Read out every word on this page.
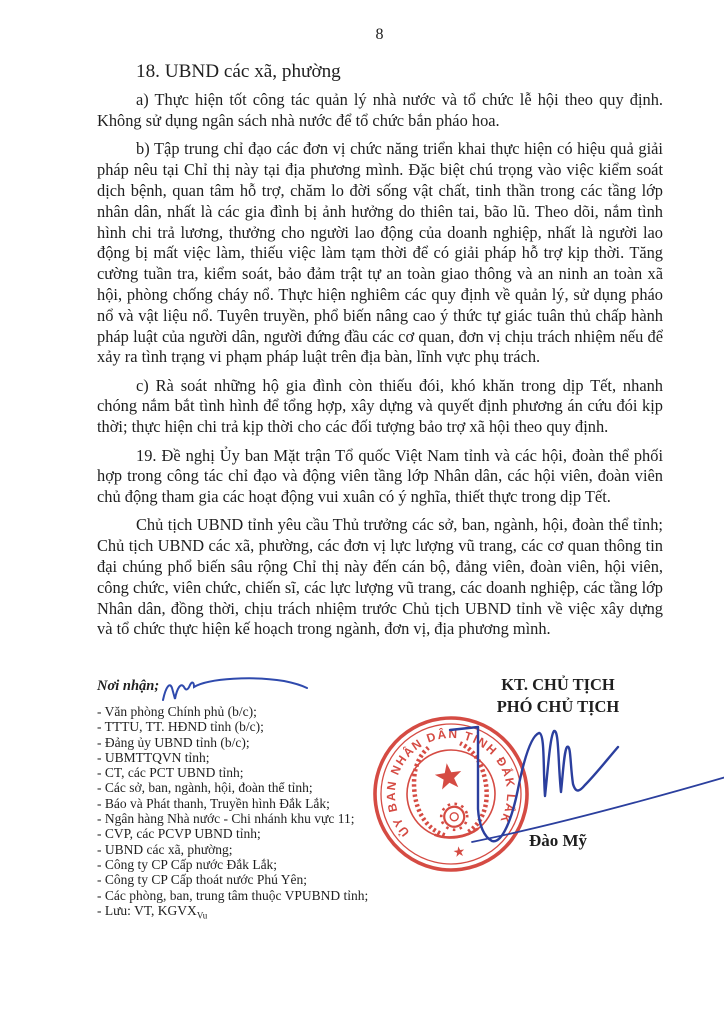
8
18. UBND các xã, phường

a) Thực hiện tốt công tác quản lý nhà nước và tổ chức lễ hội theo quy định. Không sử dụng ngân sách nhà nước để tổ chức bắn pháo hoa.

b) Tập trung chỉ đạo các đơn vị chức năng triển khai thực hiện có hiệu quả giải pháp nêu tại Chỉ thị này tại địa phương mình. Đặc biệt chú trọng vào việc kiểm soát dịch bệnh, quan tâm hỗ trợ, chăm lo đời sống vật chất, tinh thần trong các tầng lớp nhân dân, nhất là các gia đình bị ảnh hưởng do thiên tai, bão lũ. Theo dõi, nắm tình hình chi trả lương, thưởng cho người lao động của doanh nghiệp, nhất là người lao động bị mất việc làm, thiếu việc làm tạm thời để có giải pháp hỗ trợ kịp thời. Tăng cường tuần tra, kiểm soát, bảo đảm trật tự an toàn giao thông và an ninh an toàn xã hội, phòng chống cháy nổ. Thực hiện nghiêm các quy định về quản lý, sử dụng pháo nổ và vật liệu nổ. Tuyên truyền, phổ biến nâng cao ý thức tự giác tuân thủ chấp hành pháp luật của người dân, người đứng đầu các cơ quan, đơn vị chịu trách nhiệm nếu để xảy ra tình trạng vi phạm pháp luật trên địa bàn, lĩnh vực phụ trách.

c) Rà soát những hộ gia đình còn thiếu đói, khó khăn trong dịp Tết, nhanh chóng nắm bắt tình hình để tổng hợp, xây dựng và quyết định phương án cứu đói kịp thời; thực hiện chi trả kịp thời cho các đối tượng bảo trợ xã hội theo quy định.

19. Đề nghị Ủy ban Mặt trận Tổ quốc Việt Nam tỉnh và các hội, đoàn thể phối hợp trong công tác chỉ đạo và động viên tầng lớp Nhân dân, các hội viên, đoàn viên chủ động tham gia các hoạt động vui xuân có ý nghĩa, thiết thực trong dịp Tết.

Chủ tịch UBND tỉnh yêu cầu Thủ trưởng các sở, ban, ngành, hội, đoàn thể tỉnh; Chủ tịch UBND các xã, phường, các đơn vị lực lượng vũ trang, các cơ quan thông tin đại chúng phổ biến sâu rộng Chỉ thị này đến cán bộ, đảng viên, đoàn viên, hội viên, công chức, viên chức, chiến sĩ, các lực lượng vũ trang, các doanh nghiệp, các tầng lớp Nhân dân, đồng thời, chịu trách nhiệm trước Chủ tịch UBND tỉnh về việc xây dựng và tổ chức thực hiện kế hoạch trong ngành, đơn vị, địa phương mình.

Nơi nhận;
- Văn phòng Chính phủ (b/c);
- TTTU, TT. HĐND tỉnh (b/c);
- Đảng ủy UBND tỉnh (b/c);
- UBMTTQVN tỉnh;
- CT, các PCT UBND tỉnh;
- Các sở, ban, ngành, hội, đoàn thể tỉnh;
- Báo và Phát thanh, Truyền hình Đắk Lắk;
- Ngân hàng Nhà nước - Chi nhánh khu vực 11;
- CVP, các PCVP UBND tỉnh;
- UBND các xã, phường;
- Công ty CP Cấp nước Đắk Lắk;
- Công ty CP Cấp thoát nước Phú Yên;
- Các phòng, ban, trung tâm thuộc VPUBND tỉnh;
- Lưu: VT, $KGVX_{Vu}$
KT. CHỦ TỊCH
PHÓ CHỦ TỊCH
ỦY BAN NHÂN DÂN TỈNH ĐẮK LẮK
★
Đào Mỹ
